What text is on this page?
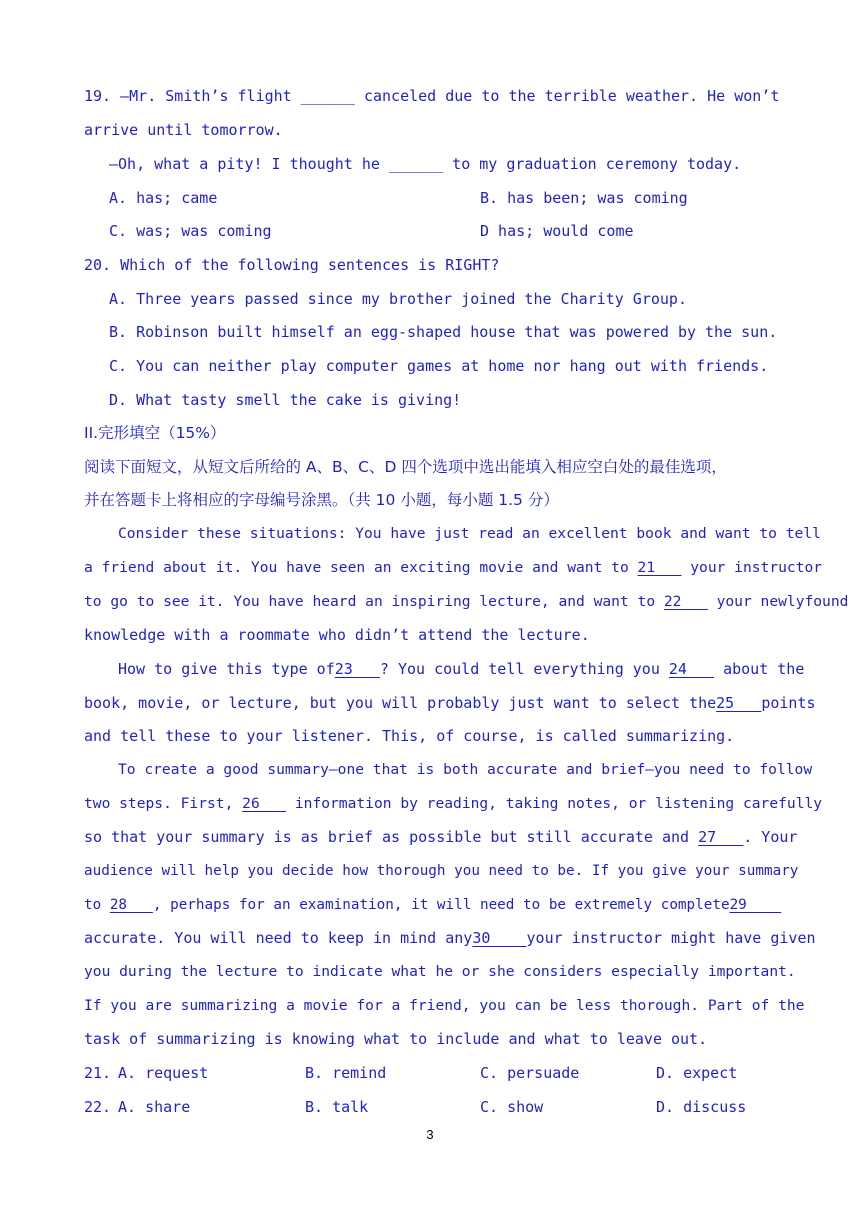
19. —Mr. Smith’s flight ______ canceled due to the terrible weather. He won’t
arrive until tomorrow.
—Oh, what a pity! I thought he ______ to my graduation ceremony today.
A. has; came	B. has been; was coming
C. was; was coming	D has; would come
20. Which of the following sentences is RIGHT?
A. Three years passed since my brother joined the Charity Group.
B. Robinson built himself an egg-shaped house that was powered by the sun.
C. You can neither play computer games at home nor hang out with friends.
D. What tasty smell the cake is giving!
II.完形填空（15%）
阅读下面短文，从短文后所给的 A、B、C、D 四个选项中选出能填入相应空白处的最佳选项，
并在答题卡上将相应的字母编号涂黑。（共 10 小题，每小题 1.5 分）
Consider these situations: You have just read an excellent book and want to tell
a friend about it. You have seen an exciting movie and want to 21    your instructor
to go to see it. You have heard an inspiring lecture, and want to 22    your newlyfound
knowledge with a roommate who didn’t attend the lecture.
How to give this type of23   ? You could tell everything you 24    about the
book, movie, or lecture, but you will probably just want to select the25   points
and tell these to your listener. This, of course, is called summarizing.
To create a good summary—one that is both accurate and brief—you need to follow
two steps. First, 26    information by reading, taking notes, or listening carefully
so that your summary is as brief as possible but still accurate and 27   . Your
audience will help you decide how thorough you need to be. If you give your summary
to 28   , perhaps for an examination, it will need to be extremely complete29
accurate. You will need to keep in mind any30    your instructor might have given
you during the lecture to indicate what he or she considers especially important.
If you are summarizing a movie for a friend, you can be less thorough. Part of the
task of summarizing is knowing what to include and what to leave out.
21. A. request	B. remind	C. persuade	D. expect
22. A. share	B. talk	C. show	D. discuss
3
